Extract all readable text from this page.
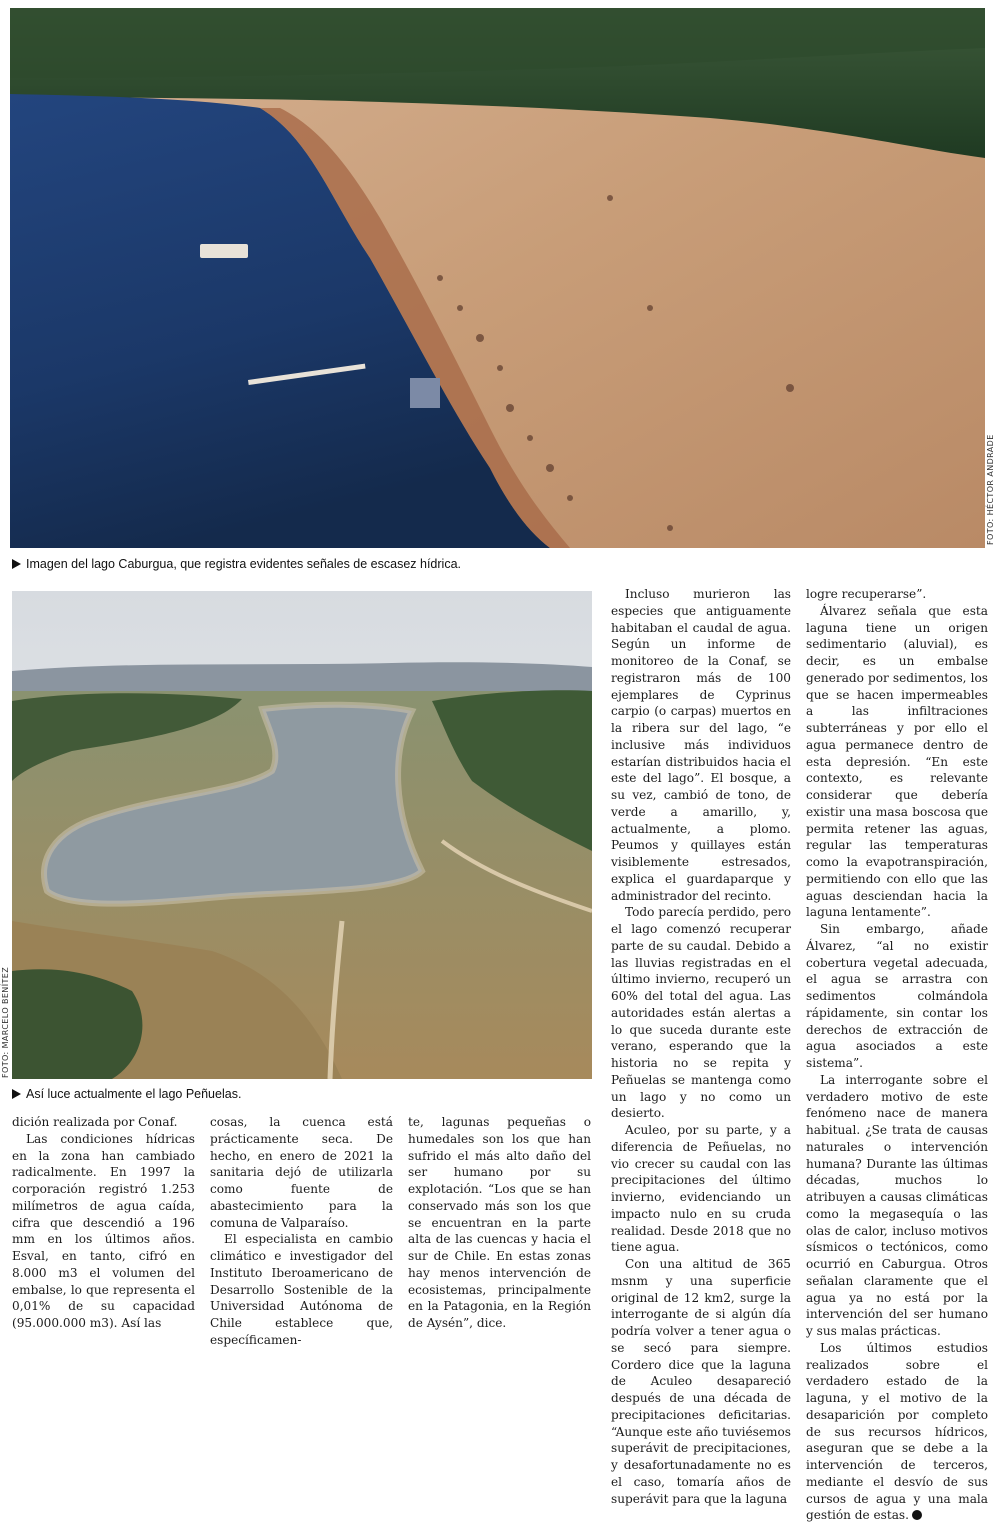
FOTO: HÉCTOR ANDRADE
Imagen del lago Caburgua, que registra evidentes señales de escasez hídrica.
FOTO: MARCELO BENÍTEZ
Así luce actualmente el lago Peñuelas.

Incluso murieron las especies que antiguamente habitaban el caudal de agua. Según un informe de monitoreo de la Conaf, se registraron más de 100 ejemplares de Cyprinus carpio (o carpas) muertos en la ribera sur del lago, “e inclusive más individuos estarían distribuidos hacia el este del lago”. El bosque, a su vez, cambió de tono, de verde a amarillo, y, actualmente, a plomo. Peumos y quillayes están visiblemente estresados, explica el guardaparque y administrador del recinto.

Todo parecía perdido, pero el lago comenzó recuperar parte de su caudal. Debido a las lluvias registradas en el último invierno, recuperó un 60% del total del agua. Las autoridades están alertas a lo que suceda durante este verano, esperando que la historia no se repita y Peñuelas se mantenga como un lago y no como un desierto.

Aculeo, por su parte, y a diferencia de Peñuelas, no vio crecer su caudal con las precipitaciones del último invierno, evidenciando un impacto nulo en su cruda realidad. Desde 2018 que no tiene agua.

Con una altitud de 365 msnm y una superficie original de 12 km2, surge la interrogante de si algún día podría volver a tener agua o se secó para siempre. Cordero dice que la laguna de Aculeo desapareció después de una década de precipitaciones deficitarias. “Aunque este año tuviésemos superávit de precipitaciones, y desafortunadamente no es el caso, tomaría años de superávit para que la laguna

logre recuperarse”.

Álvarez señala que esta laguna tiene un origen sedimentario (aluvial), es decir, es un embalse generado por sedimentos, los que se hacen impermeables a las infiltraciones subterráneas y por ello el agua permanece dentro de esta depresión. “En este contexto, es relevante considerar que debería existir una masa boscosa que permita retener las aguas, regular las temperaturas como la evapotranspiración, permitiendo con ello que las aguas desciendan hacia la laguna lentamente”.

Sin embargo, añade Álvarez, “al no existir cobertura vegetal adecuada, el agua se arrastra con sedimentos colmándola rápidamente, sin contar los derechos de extracción de agua asociados a este sistema”.

La interrogante sobre el verdadero motivo de este fenómeno nace de manera habitual. ¿Se trata de causas naturales o intervención humana? Durante las últimas décadas, muchos lo atribuyen a causas climáticas como la megasequía o las olas de calor, incluso motivos sísmicos o tectónicos, como ocurrió en Caburgua. Otros señalan claramente que el agua ya no está por la intervención del ser humano y sus malas prácticas.

Los últimos estudios realizados sobre el verdadero estado de la laguna, y el motivo de la desaparición por completo de sus recursos hídricos, aseguran que se debe a la intervención de terceros, mediante el desvío de sus cursos de agua y una mala gestión de estas.

dición realizada por Conaf.

Las condiciones hídricas en la zona han cambiado radicalmente. En 1997 la corporación registró 1.253 milímetros de agua caída, cifra que descendió a 196 mm en los últimos años. Esval, en tanto, cifró en 8.000 m3 el volumen del embalse, lo que representa el 0,01% de su capacidad (95.000.000 m3). Así las

cosas, la cuenca está prácticamente seca. De hecho, en enero de 2021 la sanitaria dejó de utilizarla como fuente de abastecimiento para la comuna de Valparaíso.

El especialista en cambio climático e investigador del Instituto Iberoamericano de Desarrollo Sostenible de la Universidad Autónoma de Chile establece que, específicamen-

te, lagunas pequeñas o humedales son los que han sufrido el más alto daño del ser humano por su explotación. “Los que se han conservado más son los que se encuentran en la parte alta de las cuencas y hacia el sur de Chile. En estas zonas hay menos intervención de ecosistemas, principalmente en la Patagonia, en la Región de Aysén”, dice.
